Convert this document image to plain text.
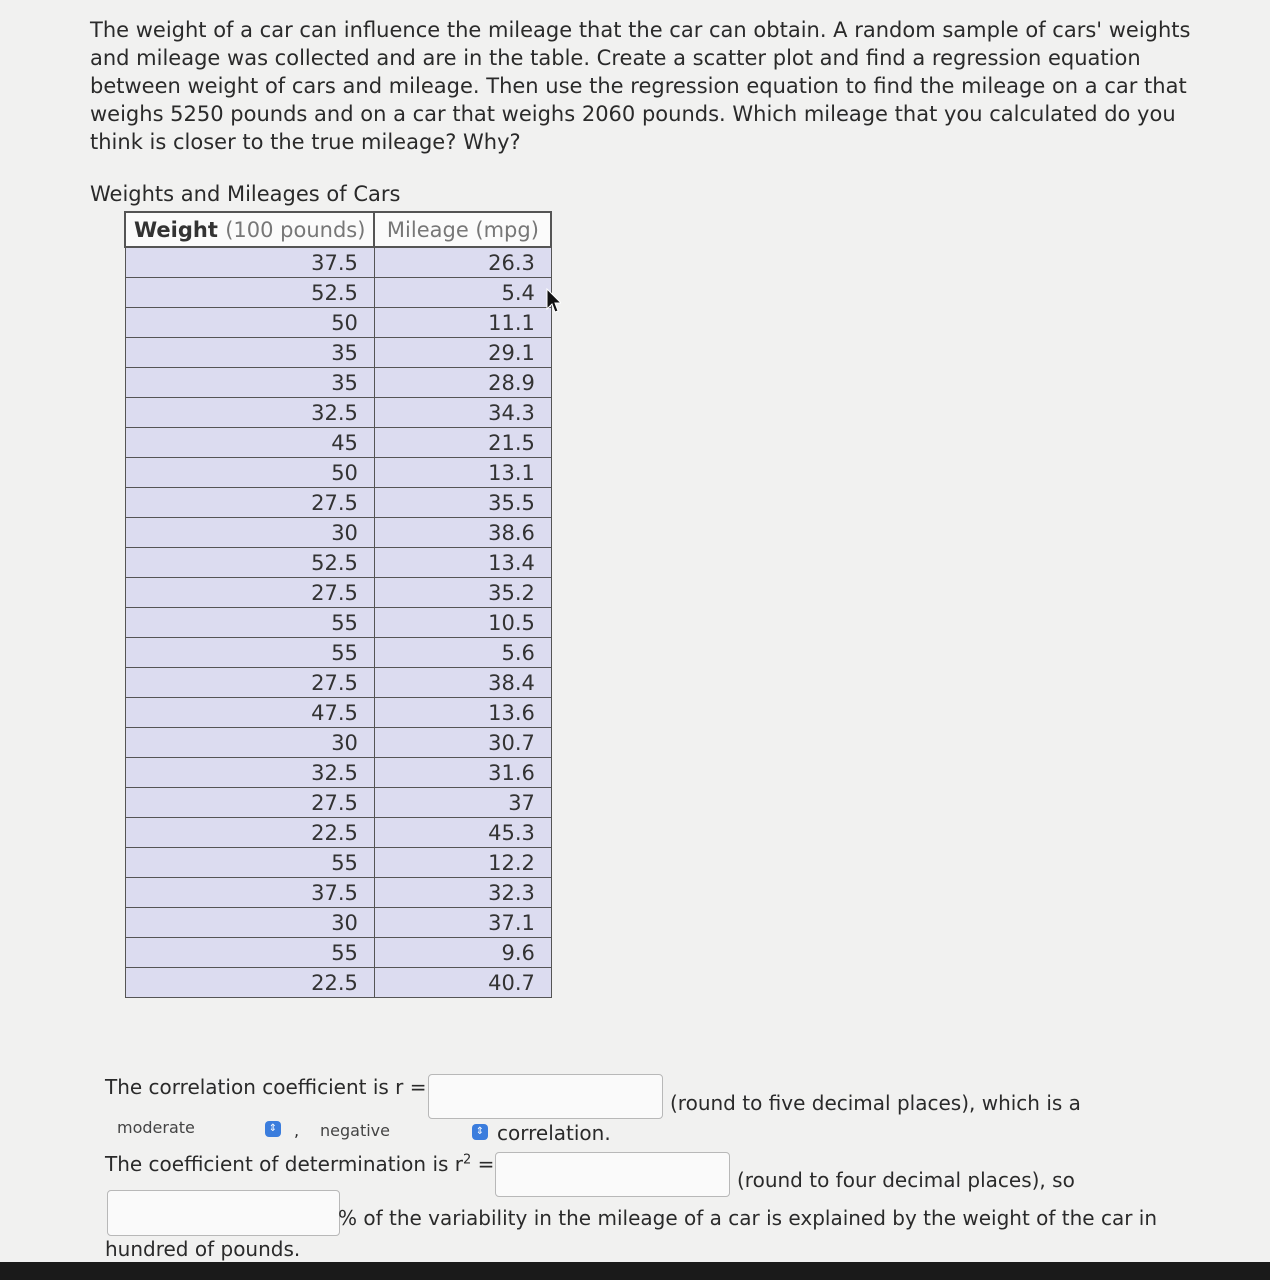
The weight of a car can influence the mileage that the car can obtain. A random sample of cars' weights and mileage was collected and are in the table. Create a scatter plot and find a regression equation between weight of cars and mileage. Then use the regression equation to find the mileage on a car that weighs 5250 pounds and on a car that weighs 2060 pounds. Which mileage that you calculated do you think is closer to the true mileage? Why?

Weights and Mileages of Cars
Weight (100 pounds)	Mileage (mpg)
37.5	26.3
52.5	5.4
50	11.1
35	29.1
35	28.9
32.5	34.3
45	21.5
50	13.1
27.5	35.5
30	38.6
52.5	13.4
27.5	35.2
55	10.5
55	5.6
27.5	38.4
47.5	13.6
30	30.7
32.5	31.6
27.5	37
22.5	45.3
55	12.2
37.5	32.3
30	37.1
55	9.6
22.5	40.7
The correlation coefficient is r =
(round to five decimal places), which is a
moderate	⇕ , negative	⇕ correlation.
The coefficient of determination is $r^2$ =
(round to four decimal places), so
% of the variability in the mileage of a car is explained by the weight of the car in
hundred of pounds.
